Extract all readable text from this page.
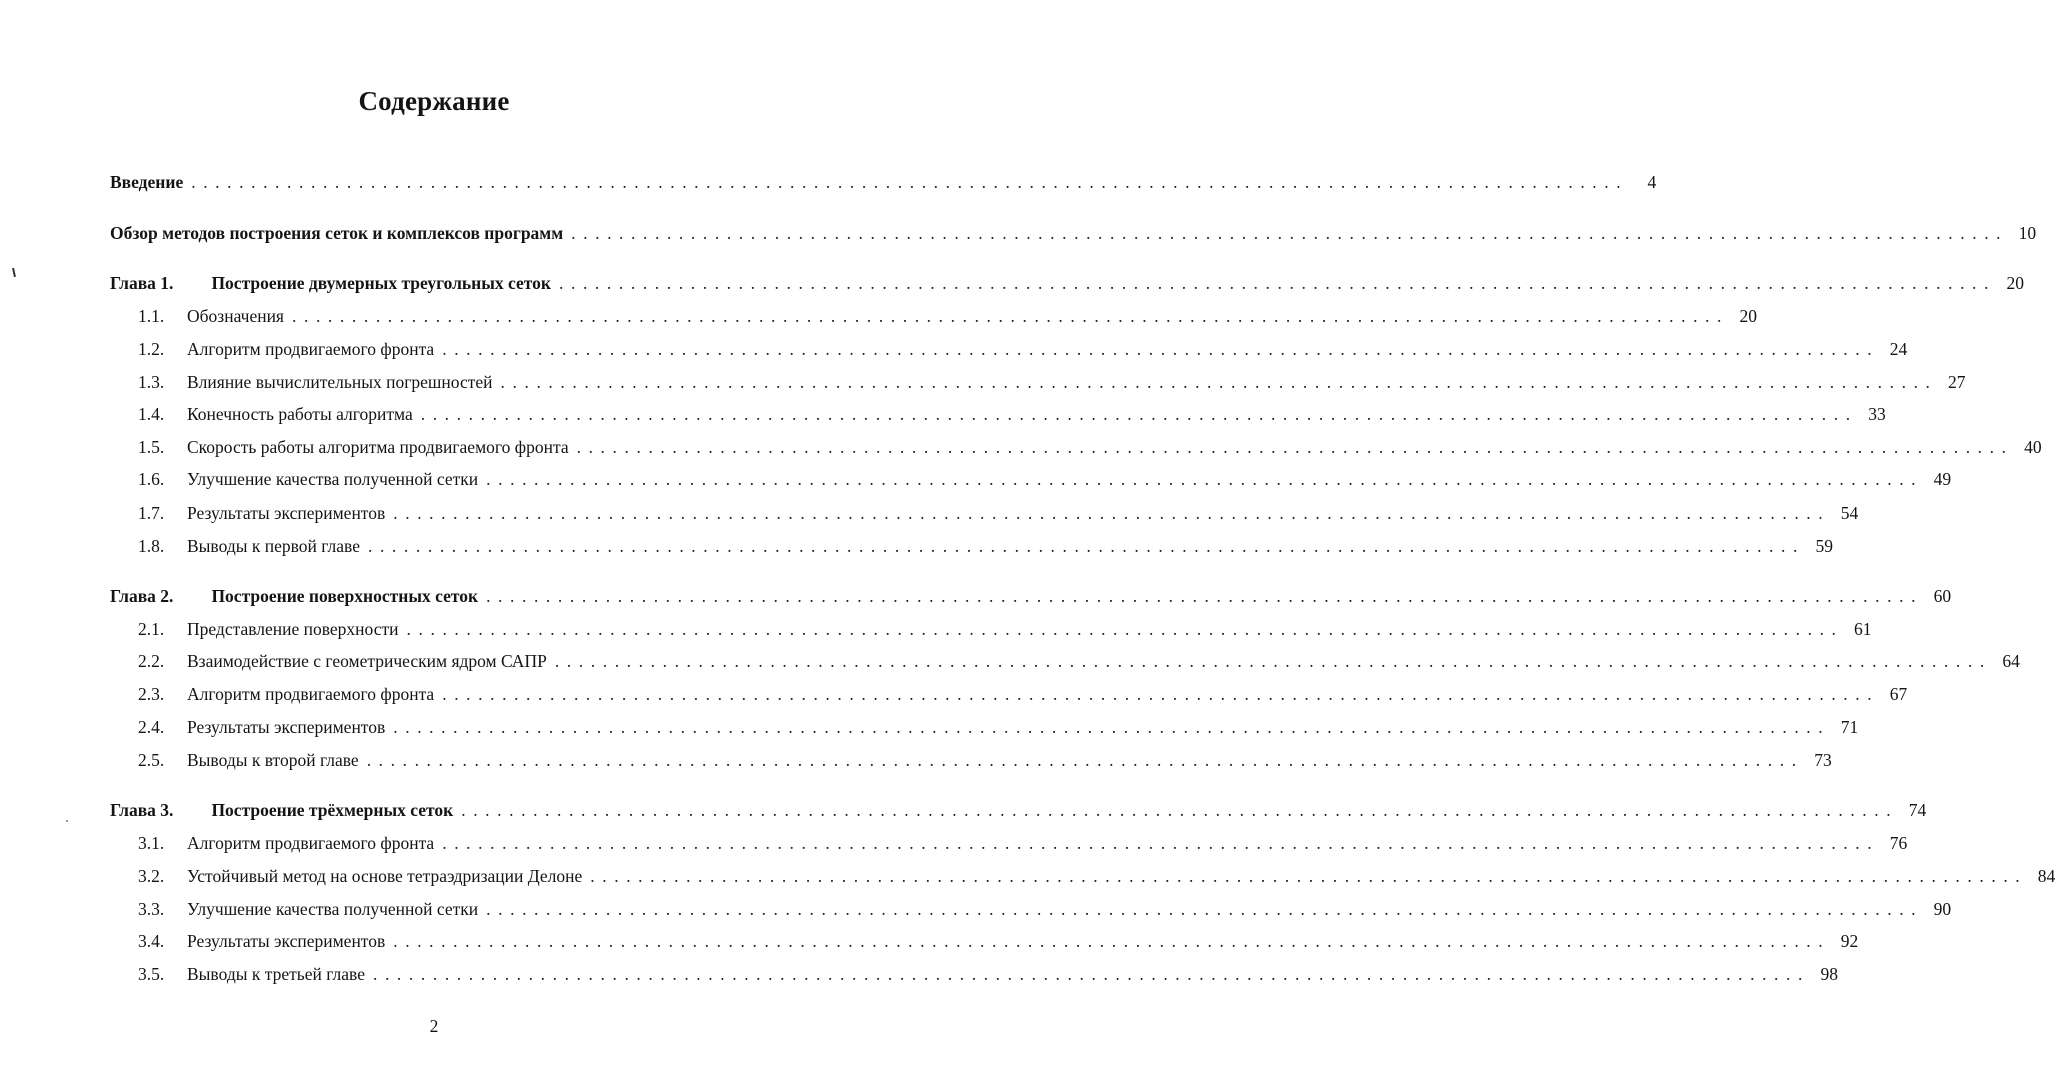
Содержание
Введение ........................................................................................................................	4
Обзор методов построения сеток и комплексов программ ........................................................................................................................ 10
Глава 1. Построение двумерных треугольных сеток ........................................................................................................................ 20
1.1.	Обозначения ........................................................................................................................ 20
1.2.	Алгоритм продвигаемого фронта ........................................................................................................................ 24
1.3.	Влияние вычислительных погрешностей ........................................................................................................................ 27
1.4.	Конечность работы алгоритма ........................................................................................................................ 33
1.5.	Скорость работы алгоритма продвигаемого фронта ........................................................................................................................ 40
1.6.	Улучшение качества полученной сетки ........................................................................................................................ 49
1.7.	Результаты экспериментов ........................................................................................................................ 54
1.8.	Выводы к первой главе ........................................................................................................................ 59
Глава 2. Построение поверхностных сеток ........................................................................................................................ 60
2.1.	Представление поверхности ........................................................................................................................ 61
2.2.	Взаимодействие с геометрическим ядром САПР ........................................................................................................................ 64
2.3.	Алгоритм продвигаемого фронта ........................................................................................................................ 67
2.4.	Результаты экспериментов ........................................................................................................................ 71
2.5.	Выводы к второй главе ........................................................................................................................ 73
Глава 3. Построение трёхмерных сеток ........................................................................................................................ 74
3.1.	Алгоритм продвигаемого фронта ........................................................................................................................ 76
3.2.	Устойчивый метод на основе тетраэдризации Делоне ........................................................................................................................ 84
3.3.	Улучшение качества полученной сетки ........................................................................................................................ 90
3.4.	Результаты экспериментов ........................................................................................................................ 92
3.5.	Выводы к третьей главе ........................................................................................................................ 98
2
